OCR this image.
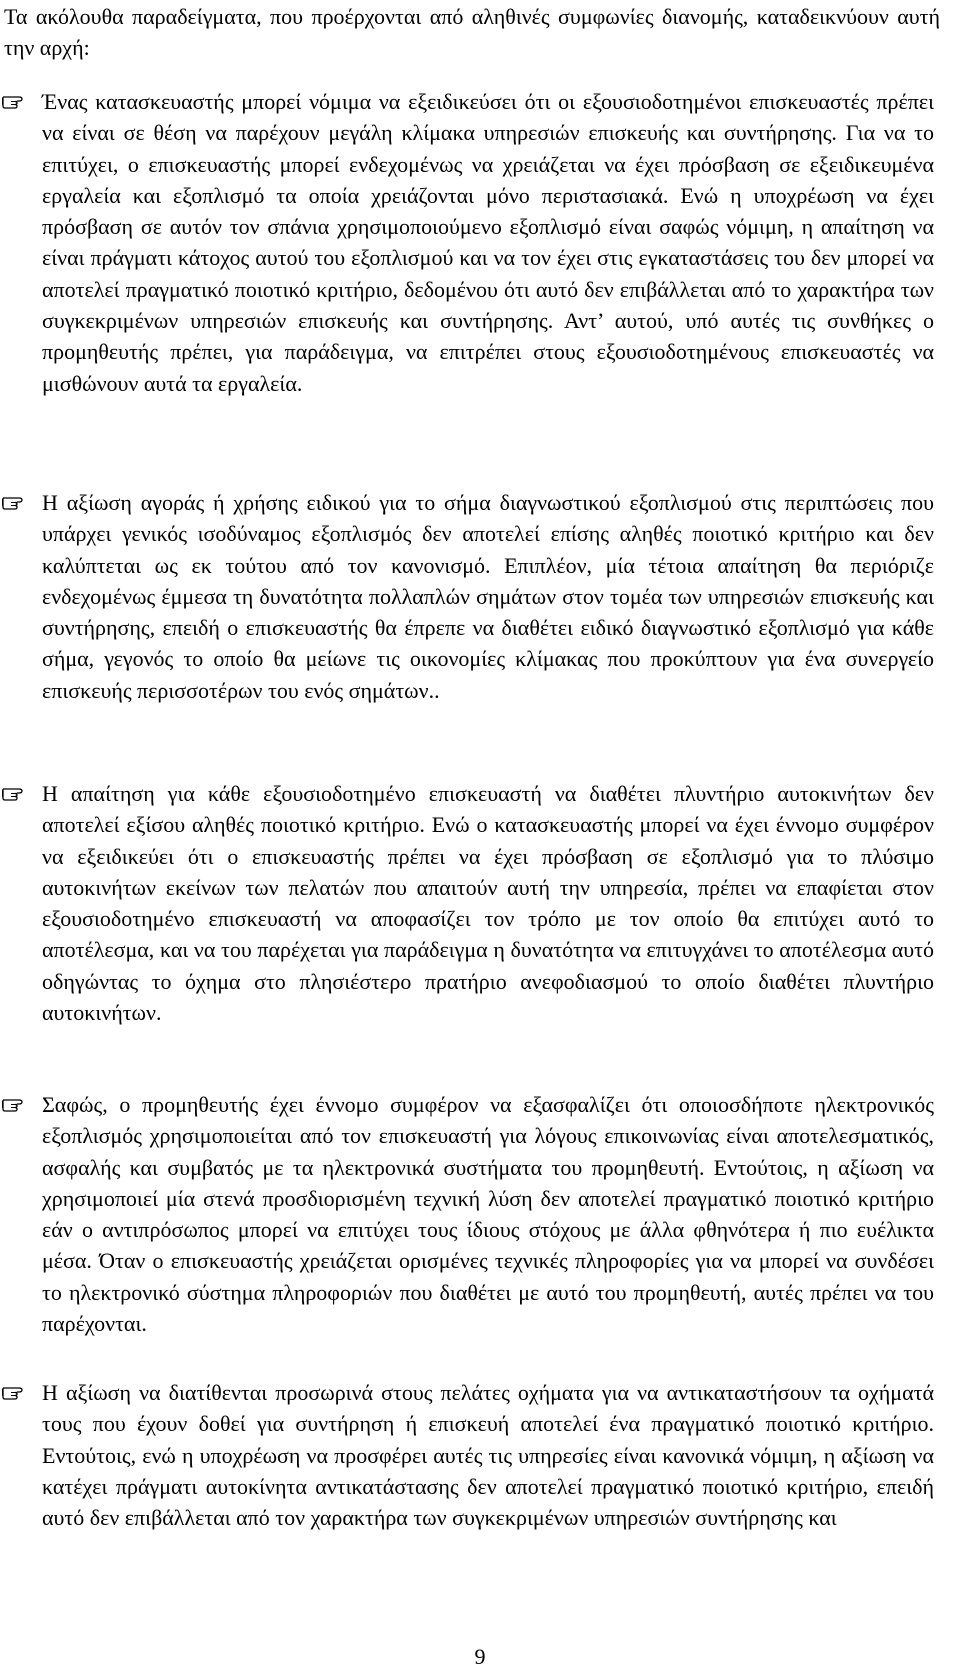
Τα ακόλουθα παραδείγματα, που προέρχονται από αληθινές συμφωνίες διανομής, καταδεικνύουν αυτή την αρχή:

Ένας κατασκευαστής μπορεί νόμιμα να εξειδικεύσει ότι οι εξουσιοδοτημένοι επισκευαστές πρέπει να είναι σε θέση να παρέχουν μεγάλη κλίμακα υπηρεσιών επισκευής και συντήρησης. Για να το επιτύχει, ο επισκευαστής μπορεί ενδεχομένως να χρειάζεται να έχει πρόσβαση σε εξειδικευμένα εργαλεία και εξοπλισμό τα οποία χρειάζονται μόνο περιστασιακά. Ενώ η υποχρέωση να έχει πρόσβαση σε αυτόν τον σπάνια χρησιμοποιούμενο εξοπλισμό είναι σαφώς νόμιμη, η απαίτηση να είναι πράγματι κάτοχος αυτού του εξοπλισμού και να τον έχει στις εγκαταστάσεις του δεν μπορεί να αποτελεί πραγματικό ποιοτικό κριτήριο, δεδομένου ότι αυτό δεν επιβάλλεται από το χαρακτήρα των συγκεκριμένων υπηρεσιών επισκευής και συντήρησης. Αντ’ αυτού, υπό αυτές τις συνθήκες ο προμηθευτής πρέπει, για παράδειγμα, να επιτρέπει στους εξουσιοδοτημένους επισκευαστές να μισθώνουν αυτά τα εργαλεία.

Η αξίωση αγοράς ή χρήσης ειδικού για το σήμα διαγνωστικού εξοπλισμού στις περιπτώσεις που υπάρχει γενικός ισοδύναμος εξοπλισμός δεν αποτελεί επίσης αληθές ποιοτικό κριτήριο και δεν καλύπτεται ως εκ τούτου από τον κανονισμό. Επιπλέον, μία τέτοια απαίτηση θα περιόριζε ενδεχομένως έμμεσα τη δυνατότητα πολλαπλών σημάτων στον τομέα των υπηρεσιών επισκευής και συντήρησης, επειδή ο επισκευαστής θα έπρεπε να διαθέτει ειδικό διαγνωστικό εξοπλισμό για κάθε σήμα, γεγονός το οποίο θα μείωνε τις οικονομίες κλίμακας που προκύπτουν για ένα συνεργείο επισκευής περισσοτέρων του ενός σημάτων..

Η απαίτηση για κάθε εξουσιοδοτημένο επισκευαστή να διαθέτει πλυντήριο αυτοκινήτων δεν αποτελεί εξίσου αληθές ποιοτικό κριτήριο. Ενώ ο κατασκευαστής μπορεί να έχει έννομο συμφέρον να εξειδικεύει ότι ο επισκευαστής πρέπει να έχει πρόσβαση σε εξοπλισμό για το πλύσιμο αυτοκινήτων εκείνων των πελατών που απαιτούν αυτή την υπηρεσία, πρέπει να επαφίεται στον εξουσιοδοτημένο επισκευαστή να αποφασίζει τον τρόπο με τον οποίο θα επιτύχει αυτό το αποτέλεσμα, και να του παρέχεται για παράδειγμα η δυνατότητα να επιτυγχάνει το αποτέλεσμα αυτό οδηγώντας το όχημα στο πλησιέστερο πρατήριο ανεφοδιασμού το οποίο διαθέτει πλυντήριο αυτοκινήτων.

Σαφώς, ο προμηθευτής έχει έννομο συμφέρον να εξασφαλίζει ότι οποιοσδήποτε ηλεκτρονικός εξοπλισμός χρησιμοποιείται από τον επισκευαστή για λόγους επικοινωνίας είναι αποτελεσματικός, ασφαλής και συμβατός με τα ηλεκτρονικά συστήματα του προμηθευτή. Εντούτοις, η αξίωση να χρησιμοποιεί μία στενά προσδιορισμένη τεχνική λύση δεν αποτελεί πραγματικό ποιοτικό κριτήριο εάν ο αντιπρόσωπος μπορεί να επιτύχει τους ίδιους στόχους με άλλα φθηνότερα ή πιο ευέλικτα μέσα. Όταν ο επισκευαστής χρειάζεται ορισμένες τεχνικές πληροφορίες για να μπορεί να συνδέσει το ηλεκτρονικό σύστημα πληροφοριών που διαθέτει με αυτό του προμηθευτή, αυτές πρέπει να του παρέχονται.

Η αξίωση να διατίθενται προσωρινά στους πελάτες οχήματα για να αντικαταστήσουν τα οχήματά τους που έχουν δοθεί για συντήρηση ή επισκευή αποτελεί ένα πραγματικό ποιοτικό κριτήριο. Εντούτοις, ενώ η υποχρέωση να προσφέρει αυτές τις υπηρεσίες είναι κανονικά νόμιμη, η αξίωση να κατέχει πράγματι αυτοκίνητα αντικατάστασης δεν αποτελεί πραγματικό ποιοτικό κριτήριο, επειδή αυτό δεν επιβάλλεται από τον χαρακτήρα των συγκεκριμένων υπηρεσιών συντήρησης και

9
